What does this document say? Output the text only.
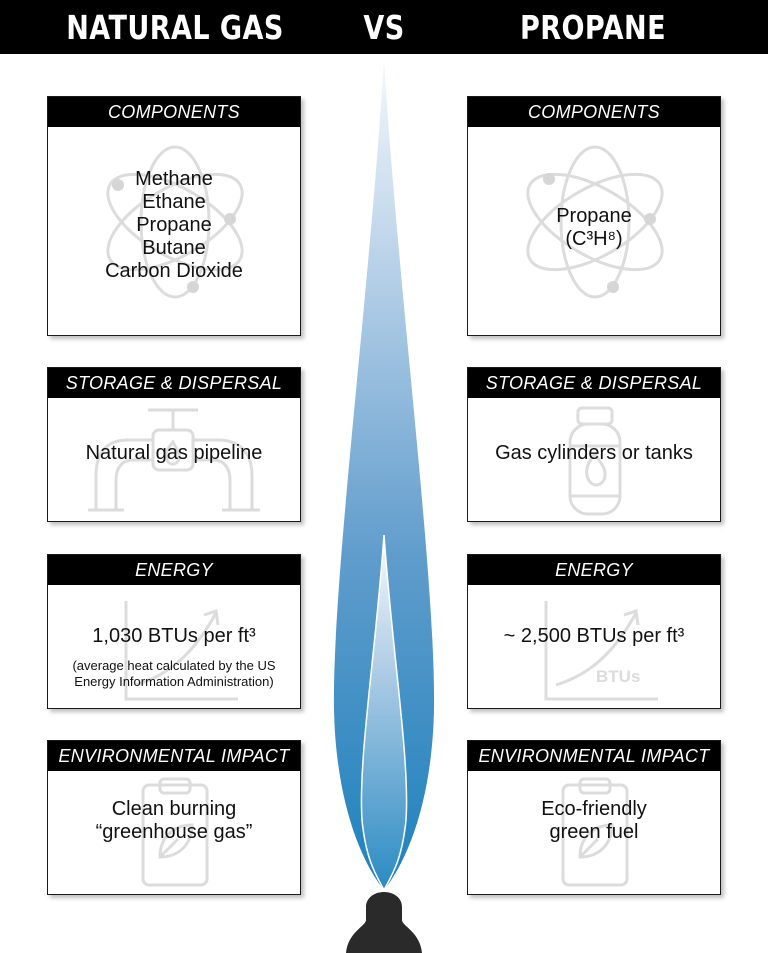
NATURAL GAS	VS	PROPANE
COMPONENTS
Methane
Ethane
Propane
Butane
Carbon Dioxide
COMPONENTS
Propane
(C³H⁸)
STORAGE & DISPERSAL
Natural gas pipeline
STORAGE & DISPERSAL
Gas cylinders or tanks
ENERGY
1,030 BTUs per ft³
(average heat calculated by the US
Energy Information Administration)
ENERGY
~ 2,500 BTUs per ft³
BTUs
ENVIRONMENTAL IMPACT
Clean burning
“greenhouse gas”
ENVIRONMENTAL IMPACT
Eco-friendly
green fuel
